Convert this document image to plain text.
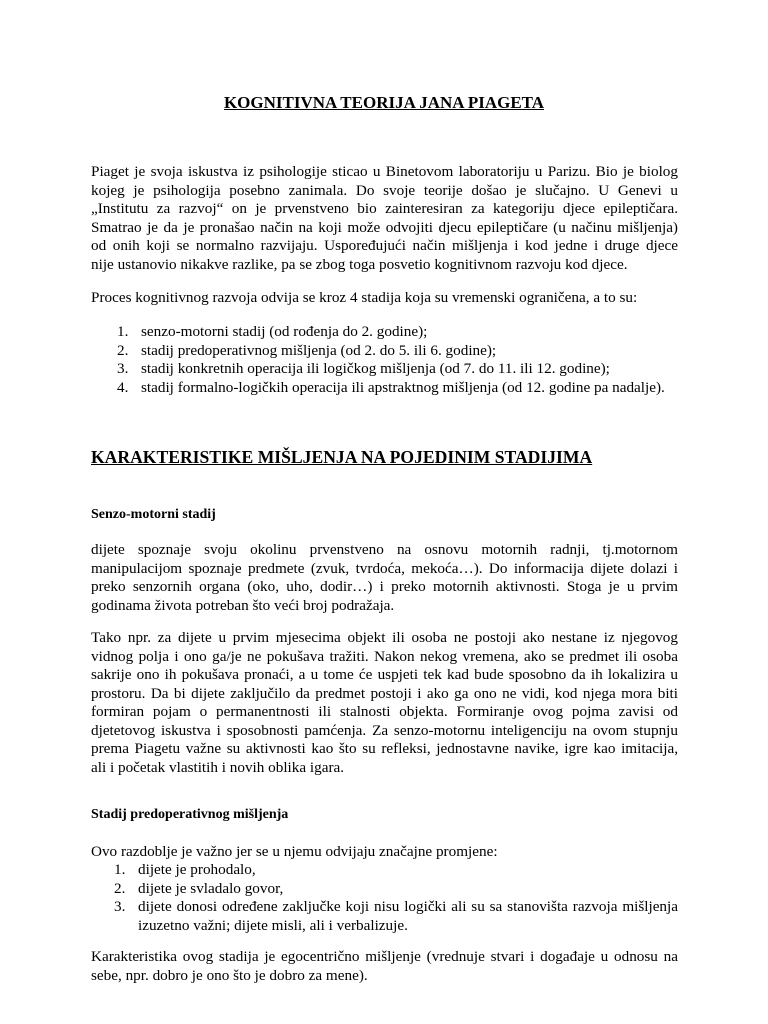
KOGNITIVNA TEORIJA JANA PIAGETA
Piaget je svoja iskustva iz psihologije sticao u Binetovom laboratoriju u Parizu. Bio je biolog
kojeg je psihologija posebno zanimala. Do svoje teorije došao je slučajno. U Genevi u
„Institutu za razvoj“ on je prvenstveno bio zainteresiran za kategoriju djece epileptičara.
Smatrao je da je pronašao način na koji može odvojiti djecu epileptičare (u načinu mišljenja)
od onih koji se normalno razvijaju. Uspoređujući način mišljenja i kod jedne i druge djece
nije ustanovio nikakve razlike, pa se zbog toga posvetio kognitivnom razvoju kod djece.

Proces kognitivnog razvoja odvija se kroz 4 stadija koja su vremenski ograničena, a to su:

1. senzo-motorni stadij (od rođenja do 2. godine);
2. stadij predoperativnog mišljenja (od 2. do 5. ili 6. godine);
3. stadij konkretnih operacija ili logičkog mišljenja (od 7. do 11. ili 12. godine);
4. stadij formalno-logičkih operacija ili apstraktnog mišljenja (od 12. godine pa nadalje).
KARAKTERISTIKE MIŠLJENJA NA POJEDINIM STADIJIMA
Senzo-motorni stadij
dijete spoznaje svoju okolinu prvenstveno na osnovu motornih radnji, tj.motornom
manipulacijom spoznaje predmete (zvuk, tvrdoća, mekoća…). Do informacija dijete dolazi i
preko senzornih organa (oko, uho, dodir…) i preko motornih aktivnosti. Stoga je u prvim
godinama života potreban što veći broj podražaja.
Tako npr. za dijete u prvim mjesecima objekt ili osoba ne postoji ako nestane iz njegovog
vidnog polja i ono ga/je ne pokušava tražiti. Nakon nekog vremena, ako se predmet ili osoba
sakrije ono ih pokušava pronaći, a u tome će uspjeti tek kad bude sposobno da ih lokalizira u
prostoru. Da bi dijete zaključilo da predmet postoji i ako ga ono ne vidi, kod njega mora biti
formiran pojam o permanentnosti ili stalnosti objekta. Formiranje ovog pojma zavisi od
djetetovog iskustva i sposobnosti pamćenja. Za senzo-motornu inteligenciju na ovom stupnju
prema Piagetu važne su aktivnosti kao što su refleksi, jednostavne navike, igre kao imitacija,
ali i početak vlastitih i novih oblika igara.
Stadij predoperativnog mišljenja

Ovo razdoblje je važno jer se u njemu odvijaju značajne promjene:

1. dijete je prohodalo,
2. dijete je svladalo govor,
3. dijete donosi određene zaključke koji nisu logički ali su sa stanovišta razvoja mišljenja
izuzetno važni; dijete misli, ali i verbalizuje.
Karakteristika ovog stadija je egocentrično mišljenje (vrednuje stvari i događaje u odnosu na
sebe, npr. dobro je ono što je dobro za mene).
